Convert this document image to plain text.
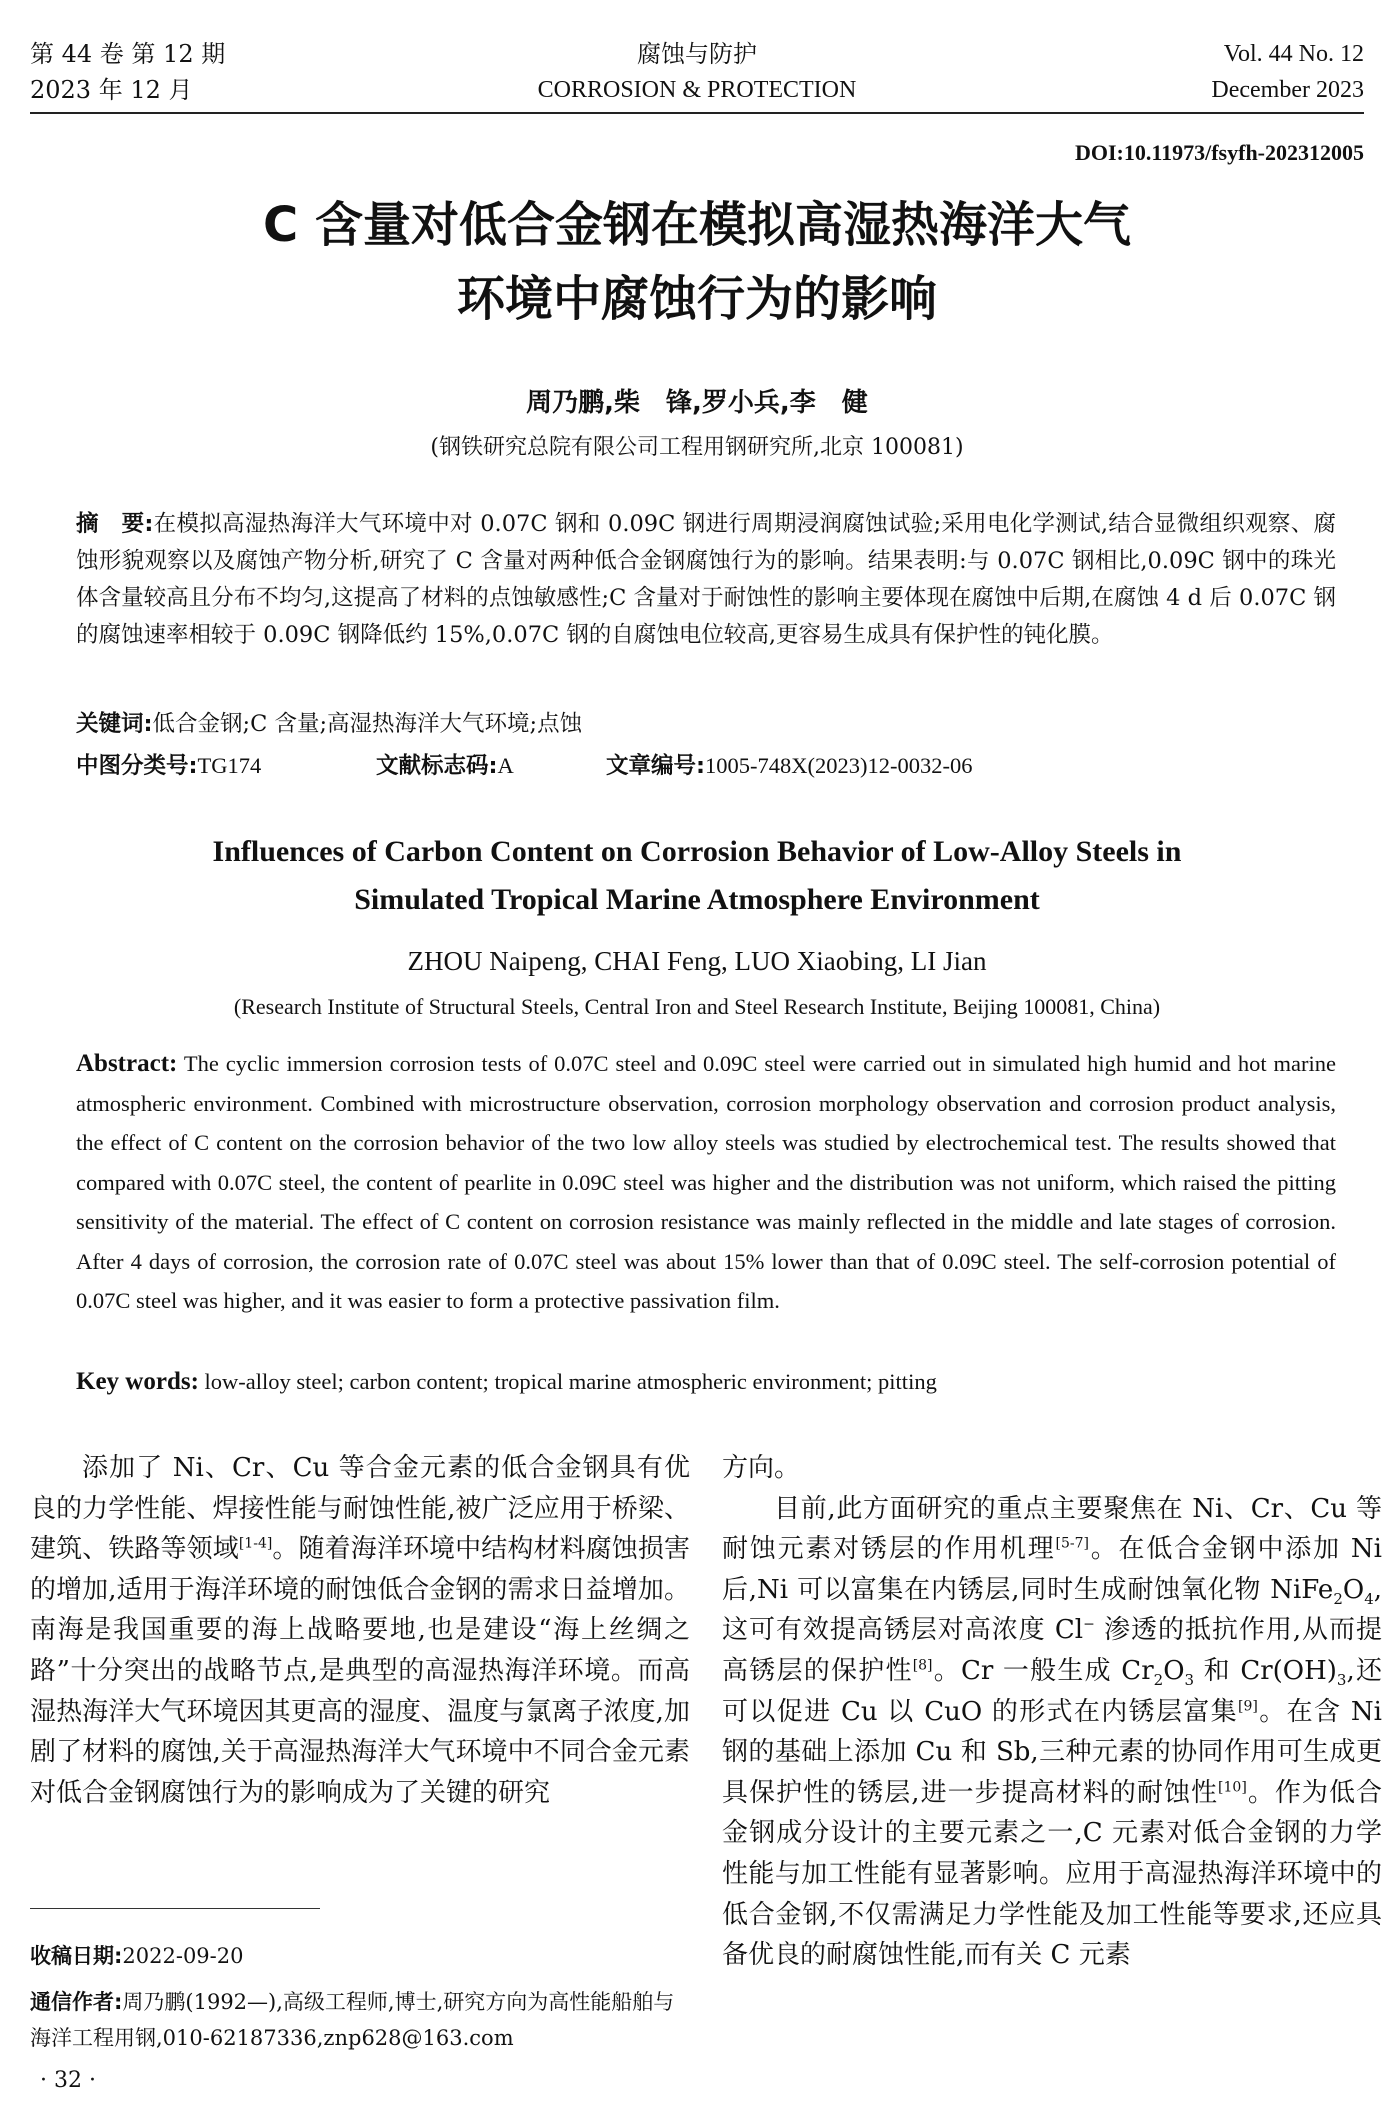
第 44 卷 第 12 期
2023 年 12 月
腐蚀与防护
CORROSION & PROTECTION
Vol. 44 No. 12
December 2023
DOI:10.11973/fsyfh-202312005
C 含量对低合金钢在模拟高湿热海洋大气
环境中腐蚀行为的影响
周乃鹏,柴　锋,罗小兵,李　健
(钢铁研究总院有限公司工程用钢研究所,北京 100081)
摘　要:在模拟高湿热海洋大气环境中对 0.07C 钢和 0.09C 钢进行周期浸润腐蚀试验;采用电化学测试,结合显微组织观察、腐蚀形貌观察以及腐蚀产物分析,研究了 C 含量对两种低合金钢腐蚀行为的影响。结果表明:与 0.07C 钢相比,0.09C 钢中的珠光体含量较高且分布不均匀,这提高了材料的点蚀敏感性;C 含量对于耐蚀性的影响主要体现在腐蚀中后期,在腐蚀 4 d 后 0.07C 钢的腐蚀速率相较于 0.09C 钢降低约 15%,0.07C 钢的自腐蚀电位较高,更容易生成具有保护性的钝化膜。
关键词:低合金钢;C 含量;高湿热海洋大气环境;点蚀
中图分类号:TG174	文献标志码:A	文章编号:1005-748X(2023)12-0032-06
Influences of Carbon Content on Corrosion Behavior of Low-Alloy Steels in
Simulated Tropical Marine Atmosphere Environment
ZHOU Naipeng, CHAI Feng, LUO Xiaobing, LI Jian
(Research Institute of Structural Steels, Central Iron and Steel Research Institute, Beijing 100081, China)
Abstract: The cyclic immersion corrosion tests of 0.07C steel and 0.09C steel were carried out in simulated high humid and hot marine atmospheric environment. Combined with microstructure observation, corrosion morphology observation and corrosion product analysis, the effect of C content on the corrosion behavior of the two low alloy steels was studied by electrochemical test. The results showed that compared with 0.07C steel, the content of pearlite in 0.09C steel was higher and the distribution was not uniform, which raised the pitting sensitivity of the material. The effect of C content on corrosion resistance was mainly reflected in the middle and late stages of corrosion. After 4 days of corrosion, the corrosion rate of 0.07C steel was about 15% lower than that of 0.09C steel. The self-corrosion potential of 0.07C steel was higher, and it was easier to form a protective passivation film.
Key words: low-alloy steel; carbon content; tropical marine atmospheric environment; pitting

添加了 Ni、Cr、Cu 等合金元素的低合金钢具有优良的力学性能、焊接性能与耐蚀性能,被广泛应用于桥梁、建筑、铁路等领域[1-4]。随着海洋环境中结构材料腐蚀损害的增加,适用于海洋环境的耐蚀低合金钢的需求日益增加。南海是我国重要的海上战略要地,也是建设“海上丝绸之路”十分突出的战略节点,是典型的高湿热海洋环境。而高湿热海洋大气环境因其更高的湿度、温度与氯离子浓度,加剧了材料的腐蚀,关于高湿热海洋大气环境中不同合金元素对低合金钢腐蚀行为的影响成为了关键的研究

方向。

目前,此方面研究的重点主要聚焦在 Ni、Cr、Cu 等耐蚀元素对锈层的作用机理[5-7]。在低合金钢中添加 Ni 后,Ni 可以富集在内锈层,同时生成耐蚀氧化物 $NiFe_2O_4$,这可有效提高锈层对高浓度 Cl− 渗透的抵抗作用,从而提高锈层的保护性[8]。Cr 一般生成 $Cr_2O_3$ 和 $Cr(OH)_3$,还可以促进 Cu 以 CuO 的形式在内锈层富集[9]。在含 Ni 钢的基础上添加 Cu 和 Sb,三种元素的协同作用可生成更具保护性的锈层,进一步提高材料的耐蚀性[10]。作为低合金钢成分设计的主要元素之一,C 元素对低合金钢的力学性能与加工性能有显著影响。应用于高湿热海洋环境中的低合金钢,不仅需满足力学性能及加工性能等要求,还应具备优良的耐腐蚀性能,而有关 C 元素

收稿日期:2022-09-20
通信作者:周乃鹏(1992—),高级工程师,博士,研究方向为高性能船舶与海洋工程用钢,010-62187336,znp628@163.com
· 32 ·
